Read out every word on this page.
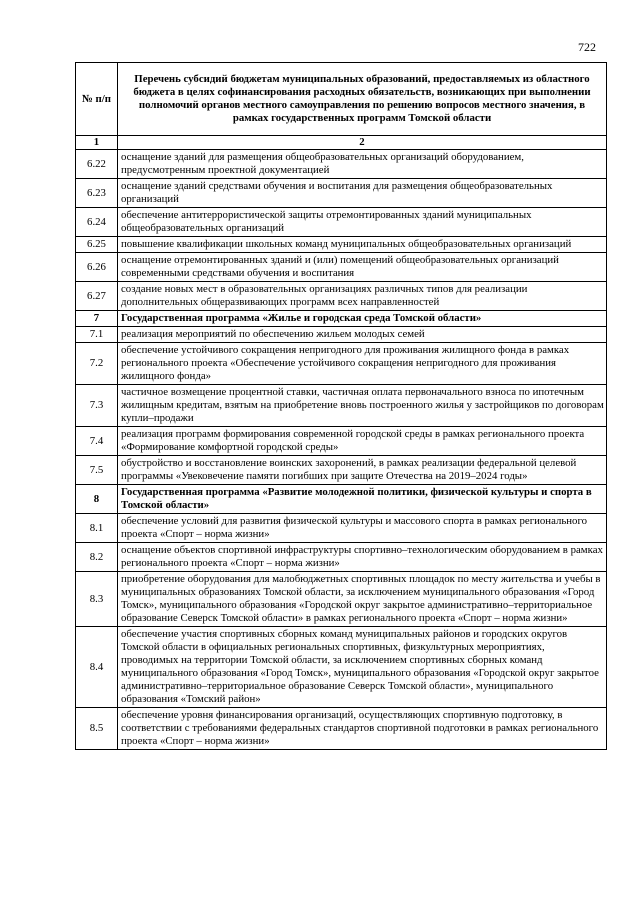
722
№ п/п	Перечень субсидий бюджетам муниципальных образований, предоставляемых из областного бюджета в целях софинансирования расходных обязательств, возникающих при выполнении полномочий органов местного самоуправления по решению вопросов местного значения, в рамках государственных программ Томской области
1	2
6.22	оснащение зданий для размещения общеобразовательных организаций оборудованием, предусмотренным проектной документацией
6.23	оснащение зданий средствами обучения и воспитания для размещения общеобразовательных организаций
6.24	обеспечение антитеррористической защиты отремонтированных зданий муниципальных общеобразовательных организаций
6.25	повышение квалификации школьных команд муниципальных общеобразовательных организаций
6.26	оснащение отремонтированных зданий и (или) помещений общеобразовательных организаций современными средствами обучения и воспитания
6.27	создание новых мест в образовательных организациях различных типов для реализации дополнительных общеразвивающих программ всех направленностей
7	Государственная программа «Жилье и городская среда Томской области»
7.1	реализация мероприятий по обеспечению жильем молодых семей
7.2	обеспечение устойчивого сокращения непригодного для проживания жилищного фонда в рамках регионального проекта «Обеспечение устойчивого сокращения непригодного для проживания жилищного фонда»
7.3	частичное возмещение процентной ставки, частичная оплата первоначального взноса по ипотечным жилищным кредитам, взятым на приобретение вновь построенного жилья у застройщиков по договорам купли–продажи
7.4	реализация программ формирования современной городской среды в рамках регионального проекта «Формирование комфортной городской среды»
7.5	обустройство и восстановление воинских захоронений, в рамках реализации федеральной целевой программы «Увековечение памяти погибших при защите Отечества на 2019–2024 годы»
8	Государственная программа «Развитие молодежной политики, физической культуры и спорта в Томской области»
8.1	обеспечение условий для развития физической культуры и массового спорта в рамках регионального проекта «Спорт – норма жизни»
8.2	оснащение объектов спортивной инфраструктуры спортивно–технологическим оборудованием в рамках регионального проекта «Спорт – норма жизни»
8.3	приобретение оборудования для малобюджетных спортивных площадок по месту жительства и учебы в муниципальных образованиях Томской области, за исключением муниципального образования «Город Томск», муниципального образования «Городской округ закрытое административно–территориальное образование Северск Томской области» в рамках регионального проекта «Спорт – норма жизни»
8.4	обеспечение участия спортивных сборных команд муниципальных районов и городских округов Томской области в официальных региональных спортивных, физкультурных мероприятиях, проводимых на территории Томской области, за исключением спортивных сборных команд муниципального образования «Город Томск», муниципального образования «Городской округ закрытое административно–территориальное образование Северск Томской области», муниципального образования «Томский район»
8.5	обеспечение уровня финансирования организаций, осуществляющих спортивную подготовку, в соответствии с требованиями федеральных стандартов спортивной подготовки в рамках регионального проекта «Спорт – норма жизни»
